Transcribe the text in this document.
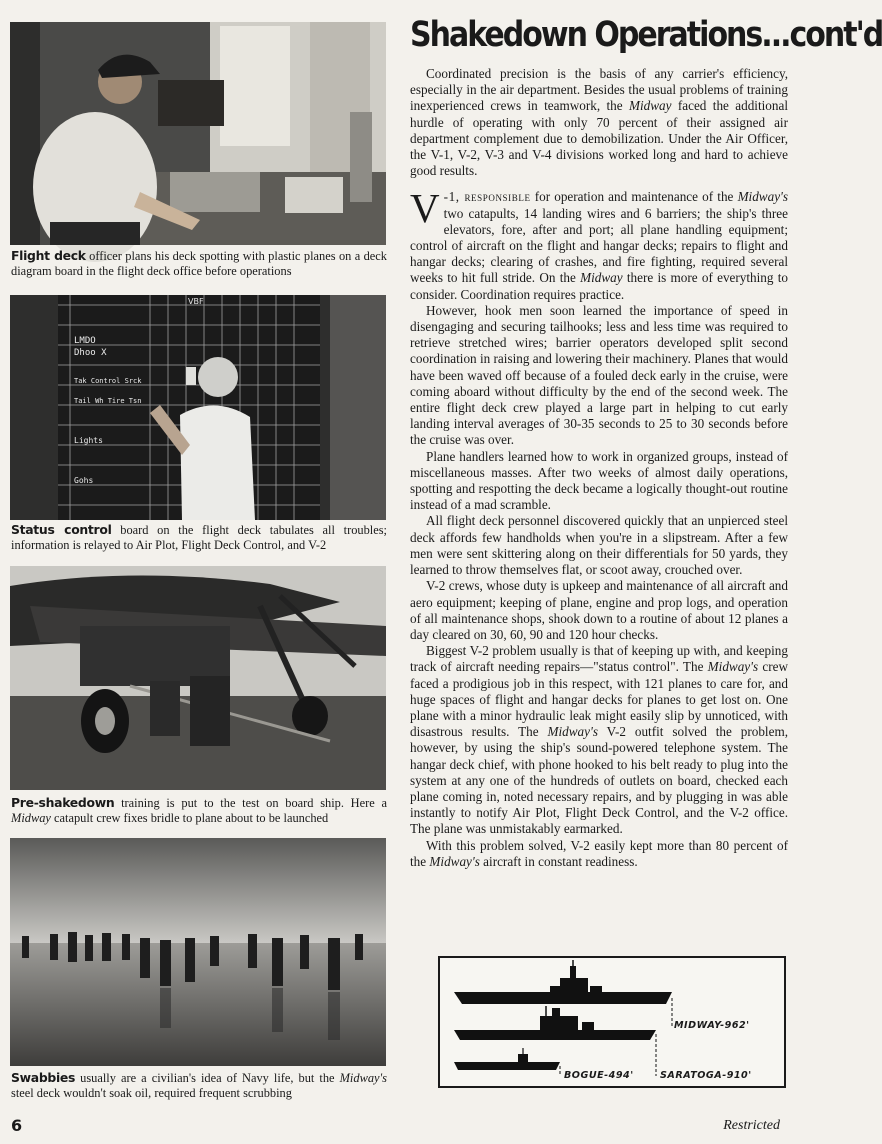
Flight deck officer plans his deck spotting with plastic planes on a deck diagram board in the flight deck office before operations
VBF
LMDO
Dhoo X
Tak Control Srck
Tail Wh Tire Tsn
Lights
Gohs
Status control board on the flight deck tabulates all troubles; information is relayed to Air Plot, Flight Deck Control, and V-2
Pre-shakedown training is put to the test on board ship. Here a Midway catapult crew fixes bridle to plane about to be launched
Swabbies usually are a civilian's idea of Navy life, but the Midway's steel deck wouldn't soak oil, required frequent scrubbing
Shakedown Operations...cont'd

Coordinated precision is the basis of any carrier's efficiency, especially in the air department. Besides the usual problems of training inexperienced crews in teamwork, the Midway faced the additional hurdle of operating with only 70 percent of their assigned air department complement due to demobilization. Under the Air Officer, the V-1, V-2, V-3 and V-4 divisions worked long and hard to achieve good results.

V -1, responsible for operation and maintenance of the Midway's two catapults, 14 landing wires and 6 barriers; the ship's three elevators, fore, after and port; all plane handling equipment; control of aircraft on the flight and hangar decks; repairs to flight and hangar decks; clearing of crashes, and fire fighting, required several weeks to hit full stride. On the Midway there is more of everything to consider. Coordination requires practice.

However, hook men soon learned the importance of speed in disengaging and securing tailhooks; less and less time was required to retrieve stretched wires; barrier operators developed split second coordination in raising and lowering their machinery. Planes that would have been waved off because of a fouled deck early in the cruise, were coming aboard without difficulty by the end of the second week. The entire flight deck crew played a large part in helping to cut early landing interval averages of 30-35 seconds to 25 to 30 seconds before the cruise was over.

Plane handlers learned how to work in organized groups, instead of miscellaneous masses. After two weeks of almost daily operations, spotting and respotting the deck became a logically thought-out routine instead of a mad scramble.

All flight deck personnel discovered quickly that an unpierced steel deck affords few handholds when you're in a slipstream. After a few men were sent skittering along on their differentials for 50 yards, they learned to throw themselves flat, or scoot away, crouched over.

V-2 crews, whose duty is upkeep and maintenance of all aircraft and aero equipment; keeping of plane, engine and prop logs, and operation of all maintenance shops, shook down to a routine of about 12 planes a day cleared on 30, 60, 90 and 120 hour checks.

Biggest V-2 problem usually is that of keeping up with, and keeping track of aircraft needing repairs—"status control". The Midway's crew faced a prodigious job in this respect, with 121 planes to care for, and huge spaces of flight and hangar decks for planes to get lost on. One plane with a minor hydraulic leak might easily slip by unnoticed, with disastrous results. The Midway's V-2 outfit solved the problem, however, by using the ship's sound-powered telephone system. The hangar deck chief, with phone hooked to his belt ready to plug into the system at any one of the hundreds of outlets on board, checked each plane coming in, noted necessary repairs, and by plugging in was able instantly to notify Air Plot, Flight Deck Control, and the V-2 office. The plane was unmistakably earmarked.

With this problem solved, V-2 easily kept more than 80 percent of the Midway's aircraft in constant readiness.

MIDWAY-962'
BOGUE-494'	SARATOGA-910'
6	Restricted
